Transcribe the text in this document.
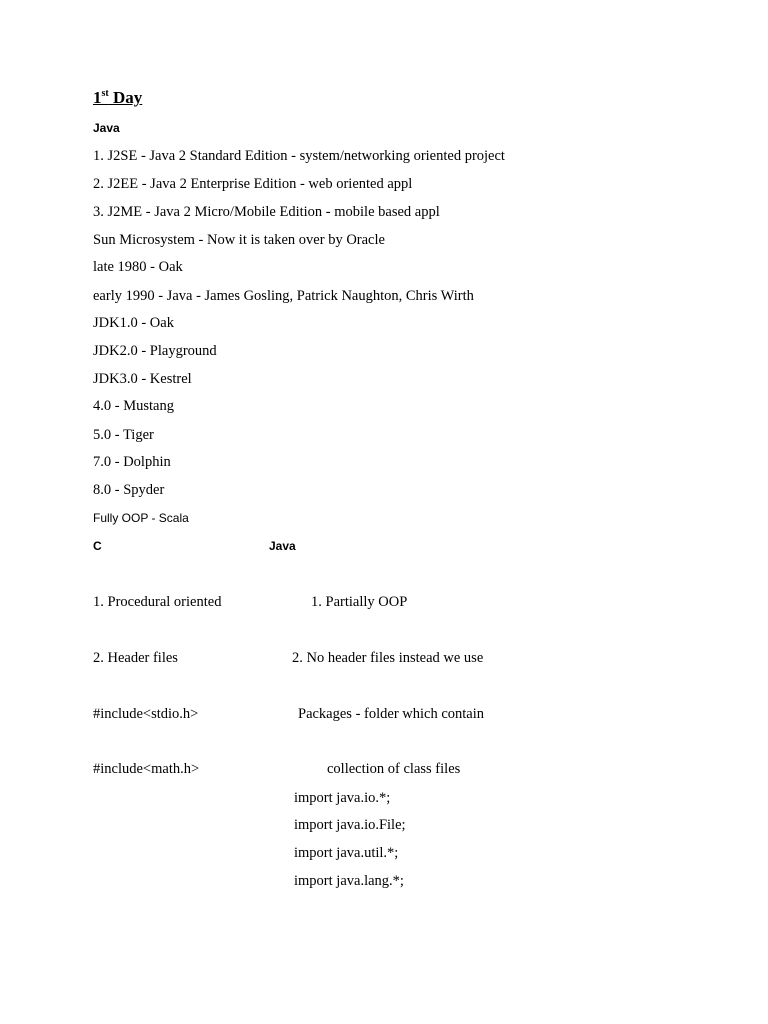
1st Day
Java
1. J2SE - Java 2 Standard Edition - system/networking oriented project
2. J2EE - Java 2 Enterprise Edition - web oriented appl
3. J2ME - Java 2 Micro/Mobile Edition - mobile based appl
Sun Microsystem - Now it is taken over by Oracle
late 1980 - Oak
early 1990 - Java - James Gosling, Patrick Naughton, Chris Wirth
JDK1.0 - Oak
JDK2.0 - Playground
JDK3.0 - Kestrel
4.0 - Mustang
5.0 - Tiger
7.0 - Dolphin
8.0 - Spyder
Fully OOP - Scala
C	Java
1. Procedural oriented	1. Partially OOP
2. Header files	2. No header files instead we use
#include<stdio.h>	Packages - folder which contain
#include<math.h>	collection of class files
import java.io.*;
import java.io.File;
import java.util.*;
import java.lang.*;
